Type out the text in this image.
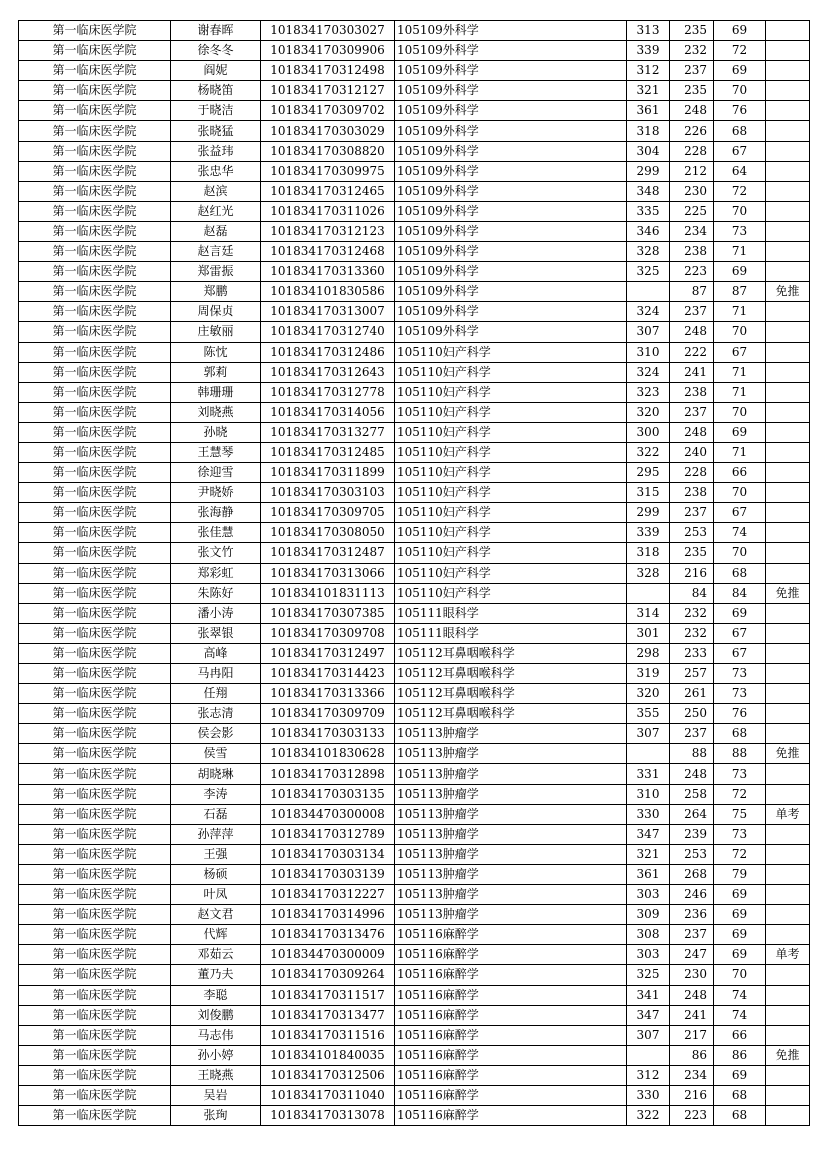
第一临床医学院	谢春晖	101834170303027	105109外科学	313	235	69	
第一临床医学院	徐冬冬	101834170309906	105109外科学	339	232	72	
第一临床医学院	阎妮	101834170312498	105109外科学	312	237	69	
第一临床医学院	杨晓笛	101834170312127	105109外科学	321	235	70	
第一临床医学院	于晓洁	101834170309702	105109外科学	361	248	76	
第一临床医学院	张晓猛	101834170303029	105109外科学	318	226	68	
第一临床医学院	张益玮	101834170308820	105109外科学	304	228	67	
第一临床医学院	张忠华	101834170309975	105109外科学	299	212	64	
第一临床医学院	赵滨	101834170312465	105109外科学	348	230	72	
第一临床医学院	赵红光	101834170311026	105109外科学	335	225	70	
第一临床医学院	赵磊	101834170312123	105109外科学	346	234	73	
第一临床医学院	赵言廷	101834170312468	105109外科学	328	238	71	
第一临床医学院	郑雷振	101834170313360	105109外科学	325	223	69	
第一临床医学院	郑鹏	101834101830586	105109外科学		87	87	免推
第一临床医学院	周保贞	101834170313007	105109外科学	324	237	71	
第一临床医学院	庄敏丽	101834170312740	105109外科学	307	248	70	
第一临床医学院	陈忱	101834170312486	105110妇产科学	310	222	67	
第一临床医学院	郭莉	101834170312643	105110妇产科学	324	241	71	
第一临床医学院	韩珊珊	101834170312778	105110妇产科学	323	238	71	
第一临床医学院	刘晓燕	101834170314056	105110妇产科学	320	237	70	
第一临床医学院	孙晓	101834170313277	105110妇产科学	300	248	69	
第一临床医学院	王慧琴	101834170312485	105110妇产科学	322	240	71	
第一临床医学院	徐迎雪	101834170311899	105110妇产科学	295	228	66	
第一临床医学院	尹晓娇	101834170303103	105110妇产科学	315	238	70	
第一临床医学院	张海静	101834170309705	105110妇产科学	299	237	67	
第一临床医学院	张佳慧	101834170308050	105110妇产科学	339	253	74	
第一临床医学院	张文竹	101834170312487	105110妇产科学	318	235	70	
第一临床医学院	郑彩虹	101834170313066	105110妇产科学	328	216	68	
第一临床医学院	朱陈好	101834101831113	105110妇产科学		84	84	免推
第一临床医学院	潘小涛	101834170307385	105111眼科学	314	232	69	
第一临床医学院	张翠银	101834170309708	105111眼科学	301	232	67	
第一临床医学院	高峰	101834170312497	105112耳鼻咽喉科学	298	233	67	
第一临床医学院	马冉阳	101834170314423	105112耳鼻咽喉科学	319	257	73	
第一临床医学院	任翔	101834170313366	105112耳鼻咽喉科学	320	261	73	
第一临床医学院	张志清	101834170309709	105112耳鼻咽喉科学	355	250	76	
第一临床医学院	侯会影	101834170303133	105113肿瘤学	307	237	68	
第一临床医学院	侯雪	101834101830628	105113肿瘤学		88	88	免推
第一临床医学院	胡晓琳	101834170312898	105113肿瘤学	331	248	73	
第一临床医学院	李涛	101834170303135	105113肿瘤学	310	258	72	
第一临床医学院	石磊	101834470300008	105113肿瘤学	330	264	75	单考
第一临床医学院	孙萍萍	101834170312789	105113肿瘤学	347	239	73	
第一临床医学院	王强	101834170303134	105113肿瘤学	321	253	72	
第一临床医学院	杨硕	101834170303139	105113肿瘤学	361	268	79	
第一临床医学院	叶凤	101834170312227	105113肿瘤学	303	246	69	
第一临床医学院	赵文君	101834170314996	105113肿瘤学	309	236	69	
第一临床医学院	代辉	101834170313476	105116麻醉学	308	237	69	
第一临床医学院	邓茹云	101834470300009	105116麻醉学	303	247	69	单考
第一临床医学院	董乃夫	101834170309264	105116麻醉学	325	230	70	
第一临床医学院	李聪	101834170311517	105116麻醉学	341	248	74	
第一临床医学院	刘俊鹏	101834170313477	105116麻醉学	347	241	74	
第一临床医学院	马志伟	101834170311516	105116麻醉学	307	217	66	
第一临床医学院	孙小婷	101834101840035	105116麻醉学		86	86	免推
第一临床医学院	王晓燕	101834170312506	105116麻醉学	312	234	69	
第一临床医学院	吴岩	101834170311040	105116麻醉学	330	216	68	
第一临床医学院	张珣	101834170313078	105116麻醉学	322	223	68	
